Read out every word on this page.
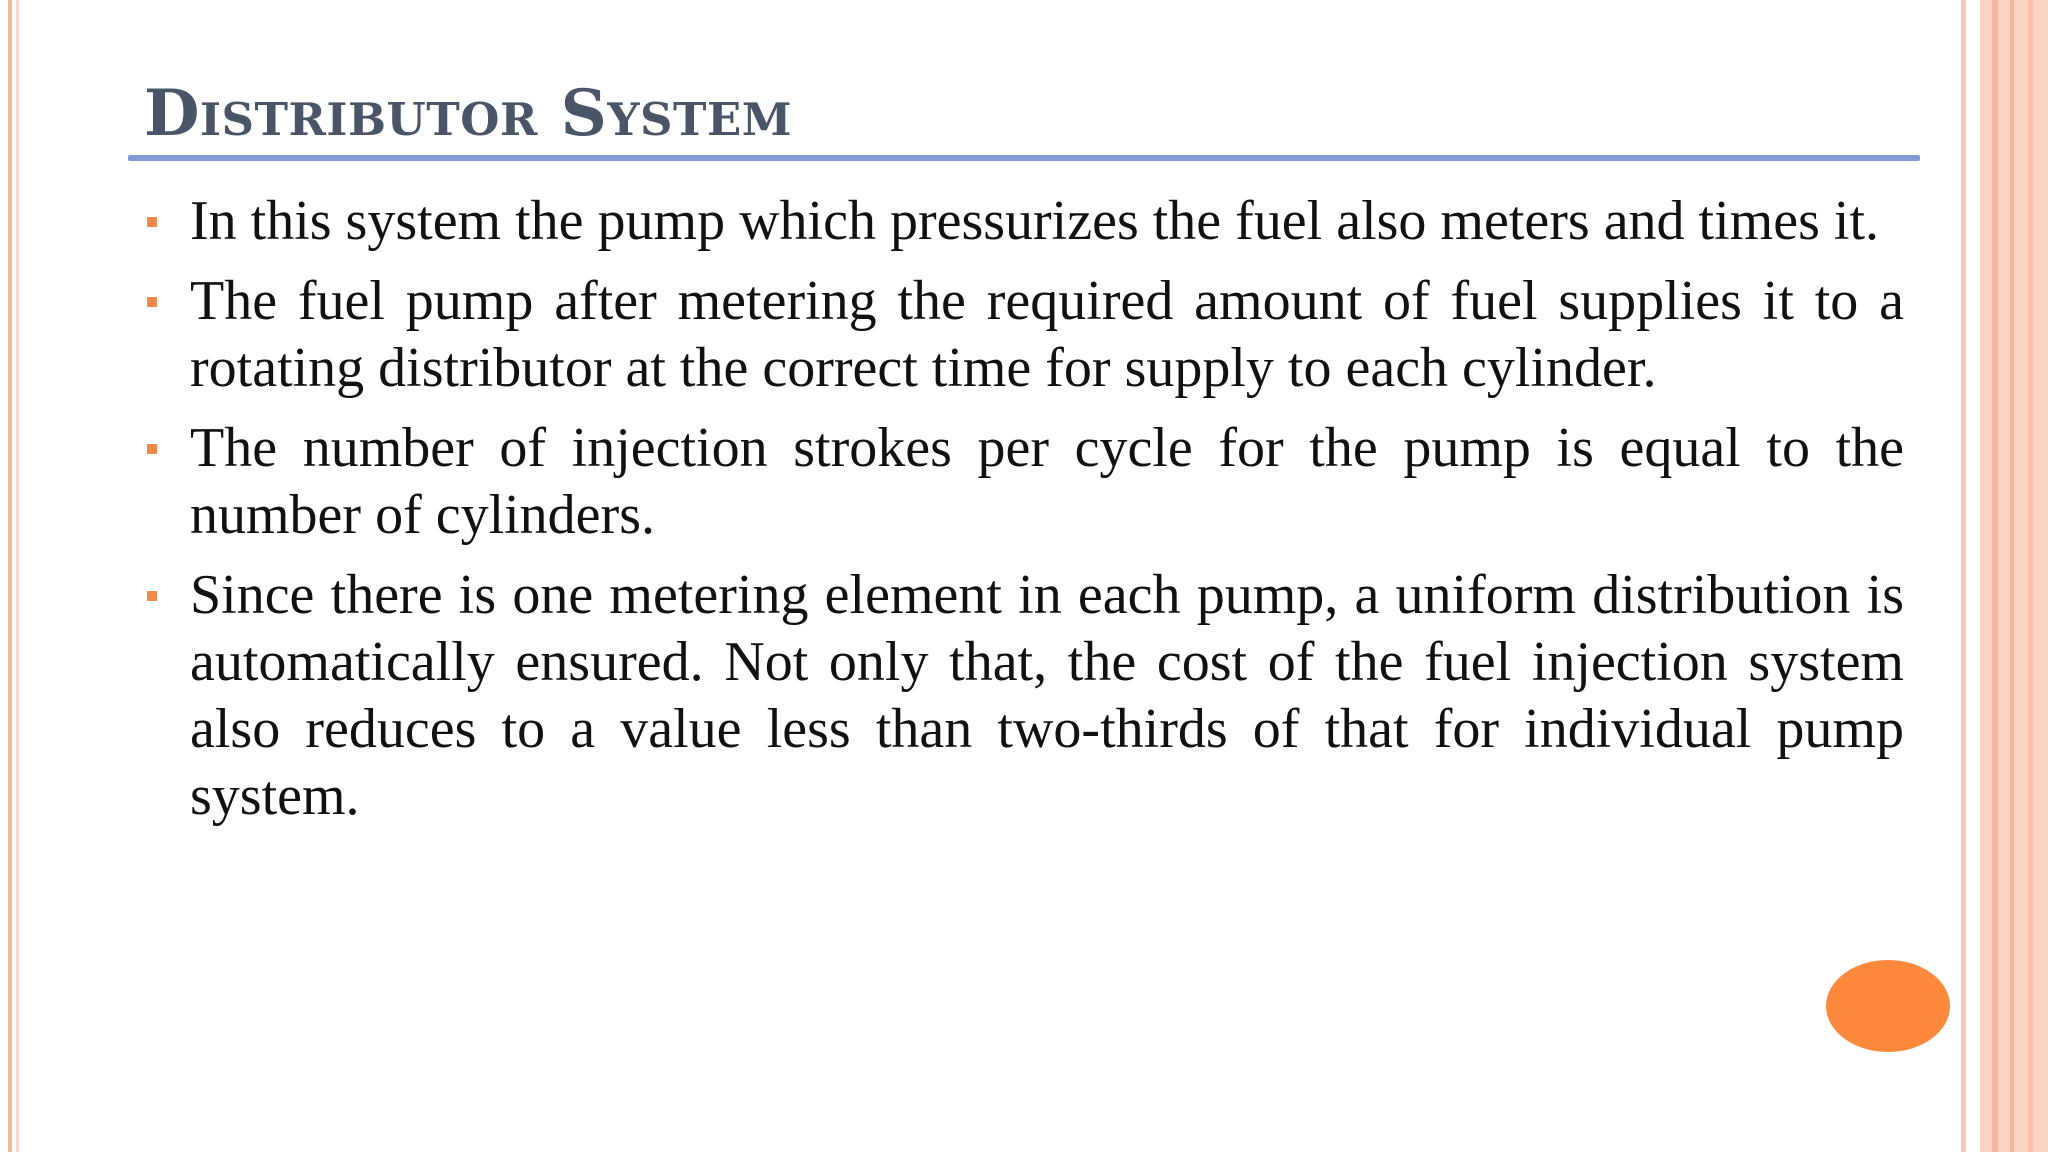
Distributor System
In this system the pump which pressurizes the fuel also meters and times it.
The fuel pump after metering the required amount of fuel supplies it to a rotating distributor at the correct time for supply to each cylinder.
The number of injection strokes per cycle for the pump is equal to the number of cylinders.
Since there is one metering element in each pump, a uniform distribution is automatically ensured. Not only that, the cost of the fuel injection system also reduces to a value less than two-thirds of that for individual pump system.
